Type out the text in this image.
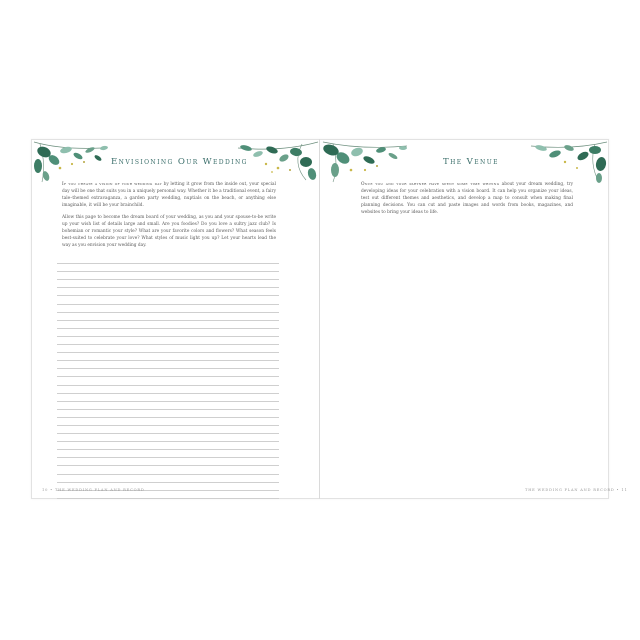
Envisioning Our Wedding

If you create a vision of your wedding day by letting it grow from the inside out, your special day will be one that suits you in a uniquely personal way. Whether it be a traditional event, a fairy tale–themed extravaganza, a garden party wedding, nuptials on the beach, or anything else imaginable, it will be your brainchild.

Allow this page to become the dream board of your wedding, as you and your spouse-to-be write up your wish list of details large and small. Are you foodies? Do you love a sultry jazz club? Is bohemian or romantic your style? What are your favorite colors and flowers? What season feels best-suited to celebrate your love? What styles of music light you up? Let your hearts lead the way as you envision your wedding day.

10 • THE WEDDING PLAN AND RECORD
The Venue

Once you and your partner have spent some time writing about your dream wedding, try developing ideas for your celebration with a vision board. It can help you organize your ideas, test out different themes and aesthetics, and develop a map to consult when making final planning decisions. You can cut and paste images and words from books, magazines, and websites to bring your ideas to life.

THE WEDDING PLAN AND RECORD • 11
